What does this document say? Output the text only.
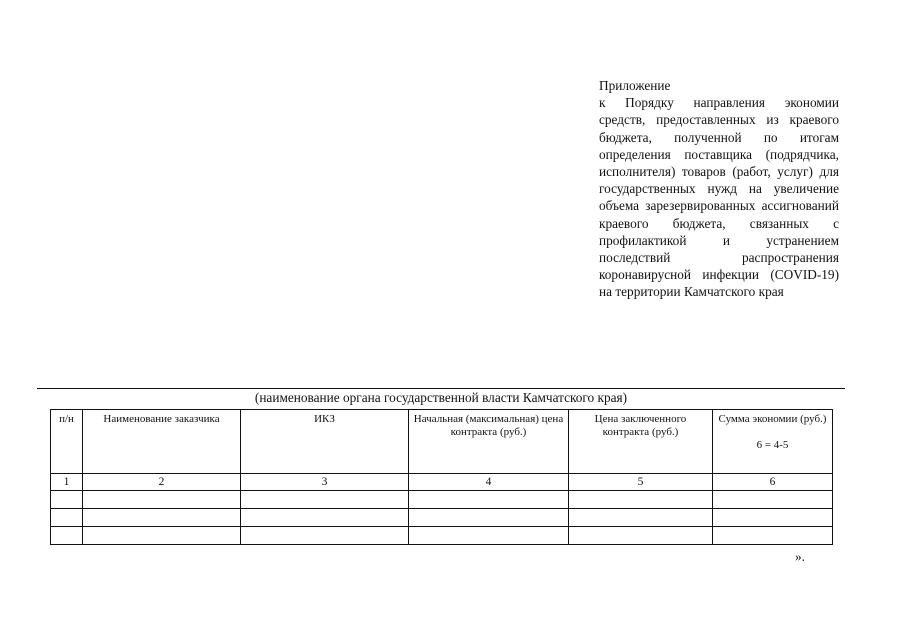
Приложение
к Порядку направления экономии средств, предоставленных из краевого бюджета, полученной по итогам определения поставщика (подрядчика, исполнителя) товаров (работ, услуг) для государственных нужд на увеличение объема зарезервированных ассигнований краевого бюджета, связанных с профилактикой и устранением последствий распространения коронавирусной инфекции (COVID-19) на территории Камчатского края
(наименование органа государственной власти Камчатского края)
п/н	Наименование заказчика	ИКЗ	Начальная (максимальная) цена контракта (руб.)	Цена заключенного контракта (руб.)	Сумма экономии (руб.)
6 = 4-5

1	2	3	4	5	6

».
